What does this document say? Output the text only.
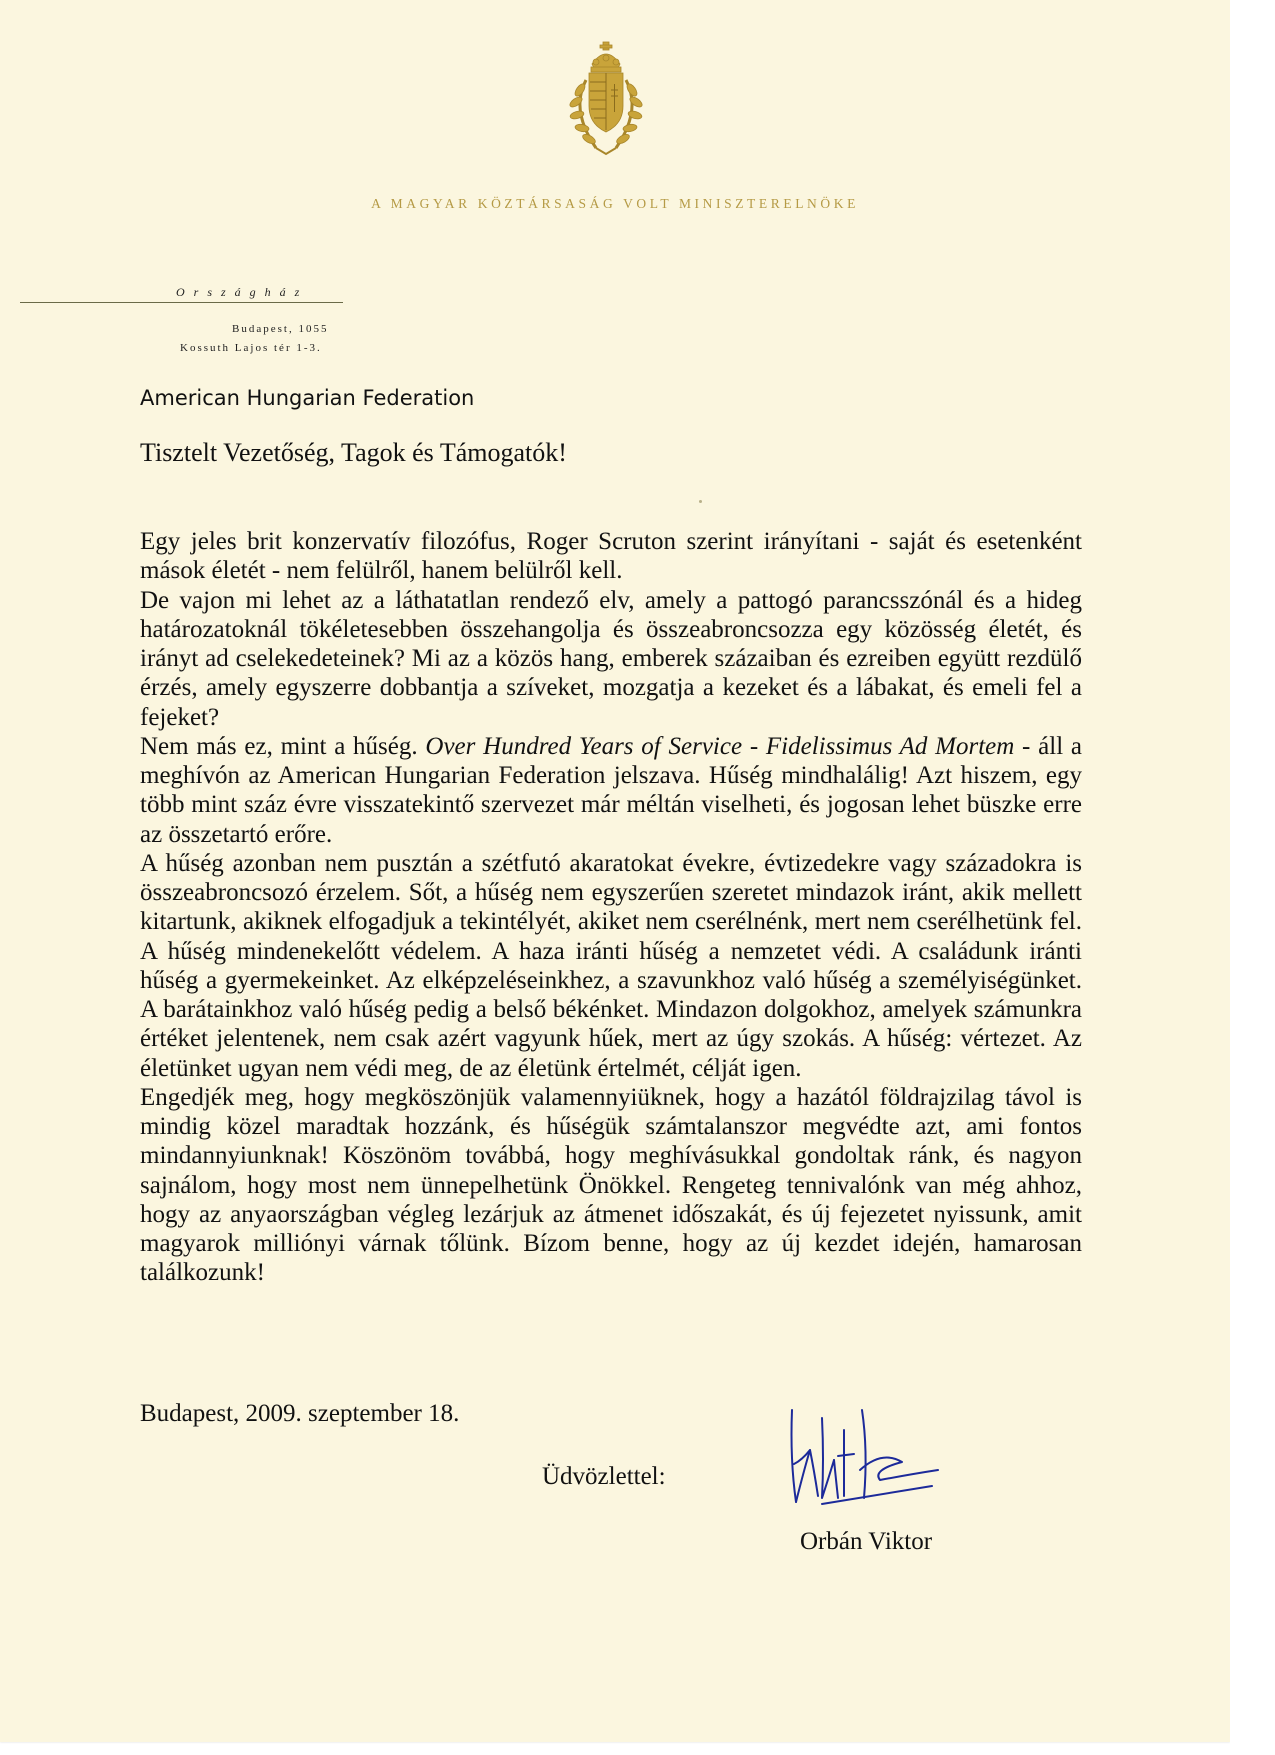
A MAGYAR KÖZTÁRSASÁG VOLT MINISZTERELNÖKE
Országház
Budapest, 1055
Kossuth Lajos tér 1-3.
American Hungarian Federation
Tisztelt Vezetőség, Tagok és Támogatók!

Egy jeles brit konzervatív filozófus, Roger Scruton szerint irányítani - saját és esetenként mások életét - nem felülről, hanem belülről kell.

De vajon mi lehet az a láthatatlan rendező elv, amely a pattogó parancsszónál és a hideg határozatoknál tökéletesebben összehangolja és összeabroncsozza egy közösség életét, és irányt ad cselekedeteinek? Mi az a közös hang, emberek százaiban és ezreiben együtt rezdülő érzés, amely egyszerre dobbantja a szíveket, mozgatja a kezeket és a lábakat, és emeli fel a fejeket?

Nem más ez, mint a hűség. Over Hundred Years of Service - Fidelissimus Ad Mortem - áll a meghívón az American Hungarian Federation jelszava. Hűség mindhalálig! Azt hiszem, egy több mint száz évre visszatekintő szervezet már méltán viselheti, és jogosan lehet büszke erre az összetartó erőre.

A hűség azonban nem pusztán a szétfutó akaratokat évekre, évtizedekre vagy századokra is összeabroncsozó érzelem. Sőt, a hűség nem egyszerűen szeretet mindazok iránt, akik mellett kitartunk, akiknek elfogadjuk a tekintélyét, akiket nem cserélnénk, mert nem cserélhetünk fel. A hűség mindenekelőtt védelem. A haza iránti hűség a nemzetet védi. A családunk iránti hűség a gyermekeinket. Az elképzeléseinkhez, a szavunkhoz való hűség a személyiségünket. A barátainkhoz való hűség pedig a belső békénket. Mindazon dolgokhoz, amelyek számunkra értéket jelentenek, nem csak azért vagyunk hűek, mert az úgy szokás. A hűség: vértezet. Az életünket ugyan nem védi meg, de az életünk értelmét, célját igen.

Engedjék meg, hogy megköszönjük valamennyiüknek, hogy a hazától földrajzilag távol is mindig közel maradtak hozzánk, és hűségük számtalanszor megvédte azt, ami fontos mindannyiunknak! Köszönöm továbbá, hogy meghívásukkal gondoltak ránk, és nagyon sajnálom, hogy most nem ünnepelhetünk Önökkel. Rengeteg tennivalónk van még ahhoz, hogy az anyaországban végleg lezárjuk az átmenet időszakát, és új fejezetet nyissunk, amit magyarok milliónyi várnak tőlünk. Bízom benne, hogy az új kezdet idején, hamarosan találkozunk!

Budapest, 2009. szeptember 18.
Üdvözlettel:
Orbán Viktor
